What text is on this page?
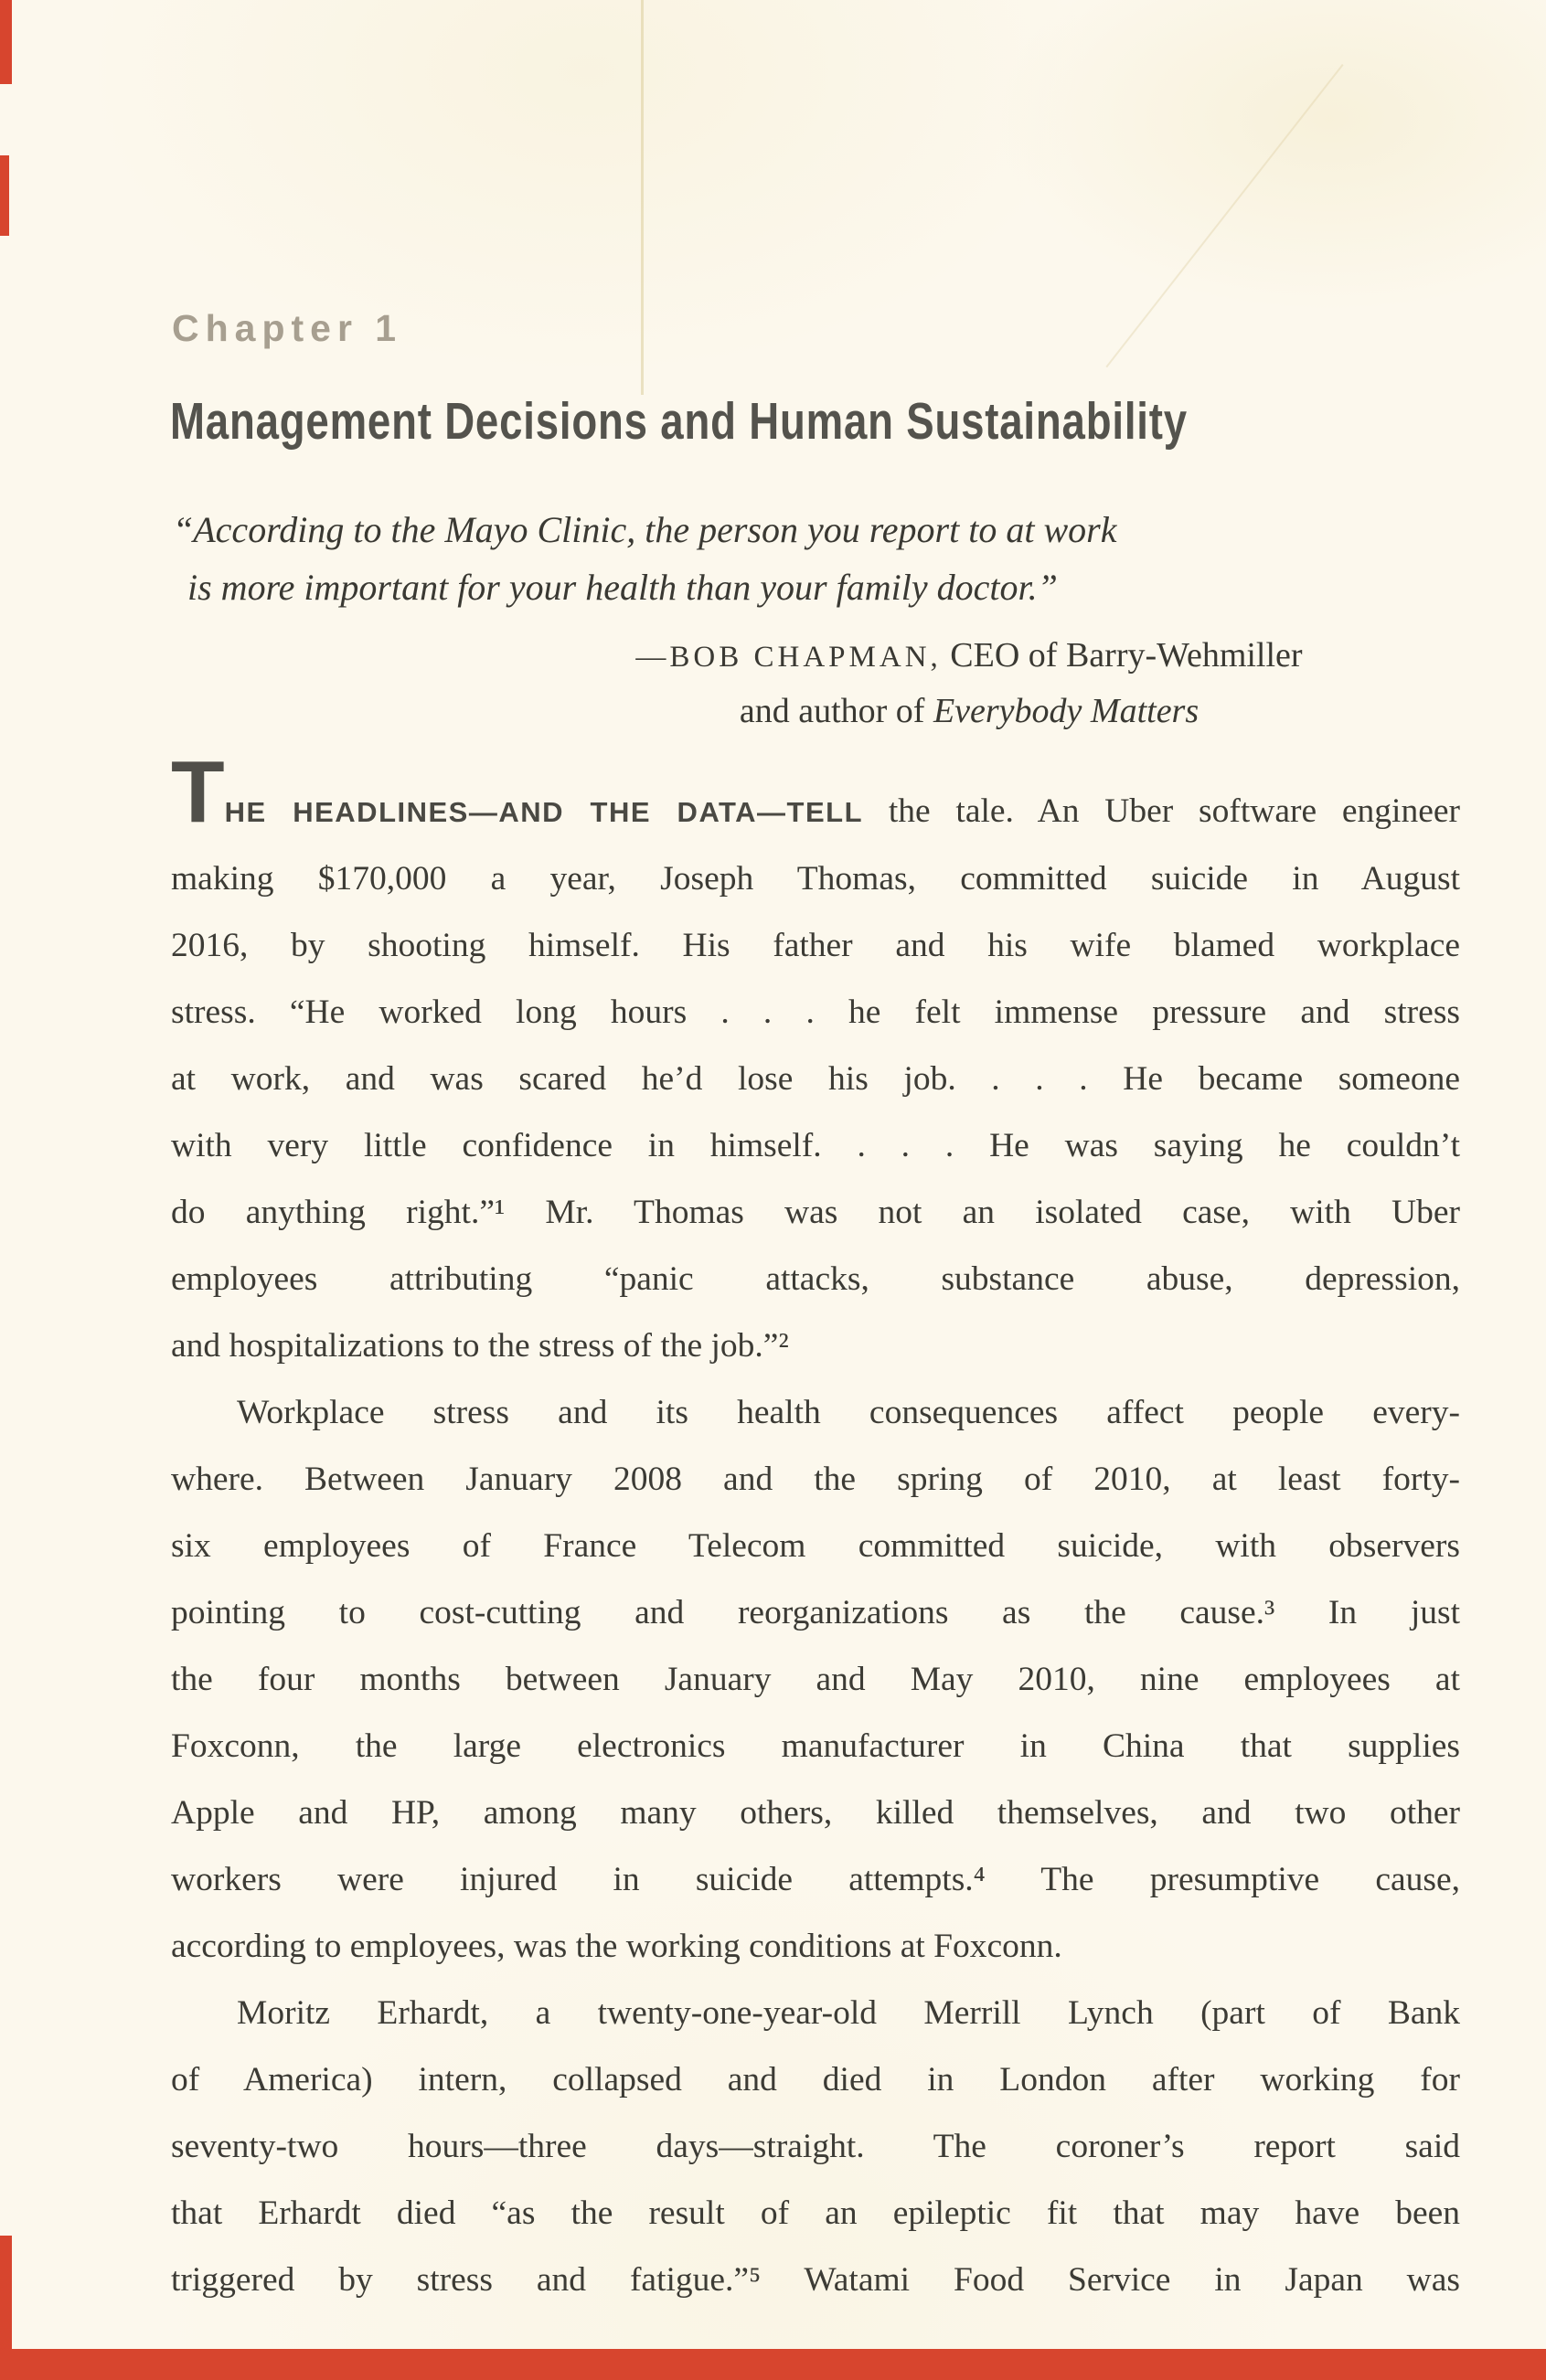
Chapter 1
Management Decisions and Human Sustainability
“According to the Mayo Clinic, the person you report to at work
is more important for your health than your family doctor.”
—BOB CHAPMAN, CEO of Barry-Wehmiller
and author of Everybody Matters
THE HEADLINES—AND THE DATA—TELL the tale. An Uber software engineer
making $170,000 a year, Joseph Thomas, committed suicide in August
2016, by shooting himself. His father and his wife blamed workplace
stress. “He worked long hours . . . he felt immense pressure and stress
at work, and was scared he’d lose his job. . . . He became someone
with very little confidence in himself. . . . He was saying he couldn’t
do anything right.”¹ Mr. Thomas was not an isolated case, with Uber
employees attributing “panic attacks, substance abuse, depression,
and hospitalizations to the stress of the job.”²
Workplace stress and its health consequences affect people every-
where. Between January 2008 and the spring of 2010, at least forty-
six employees of France Telecom committed suicide, with observers
pointing to cost-cutting and reorganizations as the cause.³ In just
the four months between January and May 2010, nine employees at
Foxconn, the large electronics manufacturer in China that supplies
Apple and HP, among many others, killed themselves, and two other
workers were injured in suicide attempts.⁴ The presumptive cause,
according to employees, was the working conditions at Foxconn.
Moritz Erhardt, a twenty-one-year-old Merrill Lynch (part of Bank
of America) intern, collapsed and died in London after working for
seventy-two hours—three days—straight. The coroner’s report said
that Erhardt died “as the result of an epileptic fit that may have been
triggered by stress and fatigue.”⁵ Watami Food Service in Japan was
